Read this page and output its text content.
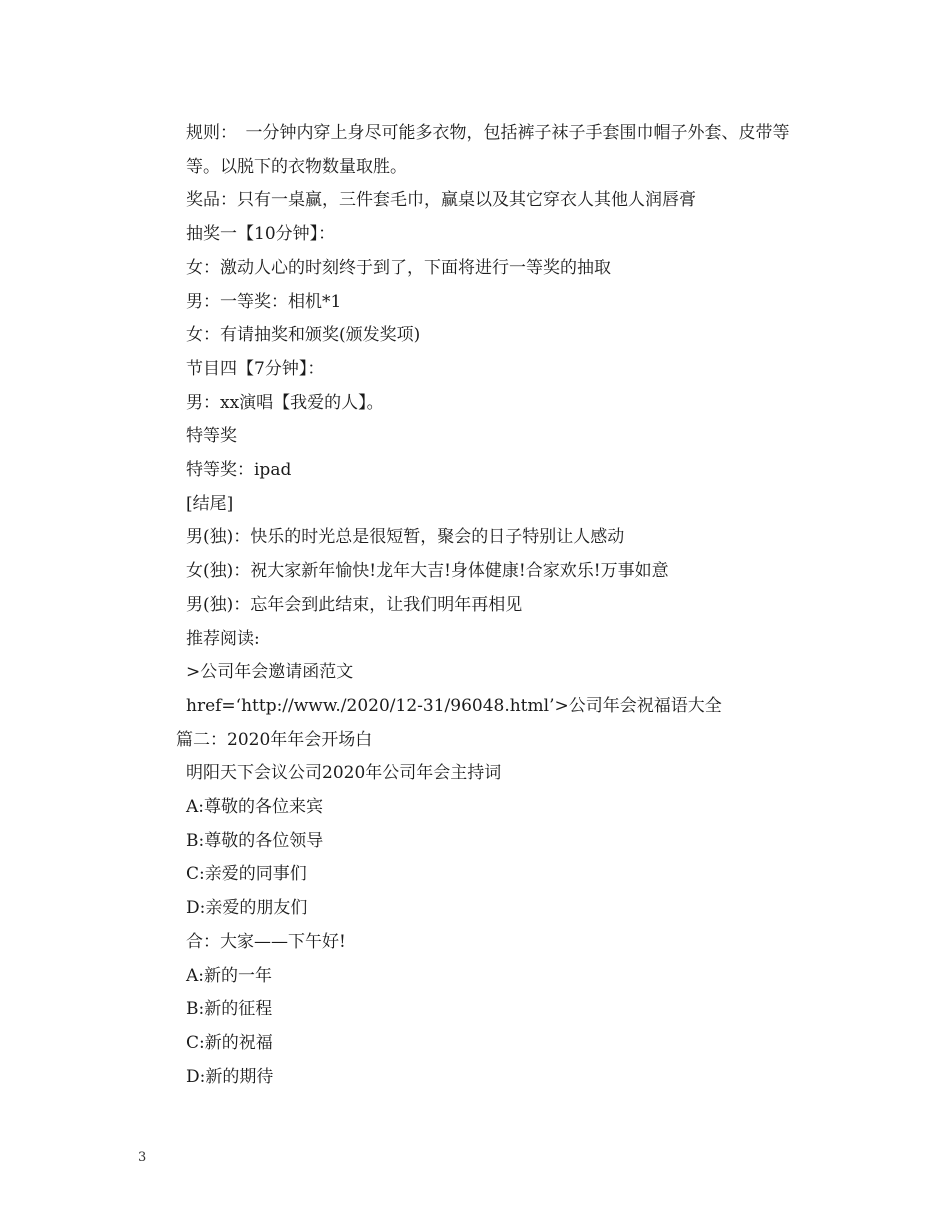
规则：　一分钟内穿上身尽可能多衣物，包括裤子袜子手套围巾帽子外套、皮带等等。以脱下的衣物数量取胜。

奖品：只有一桌赢，三件套毛巾，赢桌以及其它穿衣人其他人润唇膏

抽奖一【10分钟】：

女：激动人心的时刻终于到了，下面将进行一等奖的抽取

男：一等奖：相机*1

女：有请抽奖和颁奖(颁发奖项)

节目四【7分钟】：

男：xx演唱【我爱的人】。

特等奖

特等奖：ipad

[结尾]

男(独)：快乐的时光总是很短暂，聚会的日子特别让人感动

女(独)：祝大家新年愉快!龙年大吉!身体健康!合家欢乐!万事如意

男(独)：忘年会到此结束，让我们明年再相见

推荐阅读:

>公司年会邀请函范文

href=‘http://www./2020/12-31/96048.html’>公司年会祝福语大全

篇二：2020年年会开场白

明阳天下会议公司2020年公司年会主持词

A:尊敬的各位来宾

B:尊敬的各位领导

C:亲爱的同事们

D:亲爱的朋友们

合：大家——下午好!

A:新的一年

B:新的征程

C:新的祝福

D:新的期待

3
